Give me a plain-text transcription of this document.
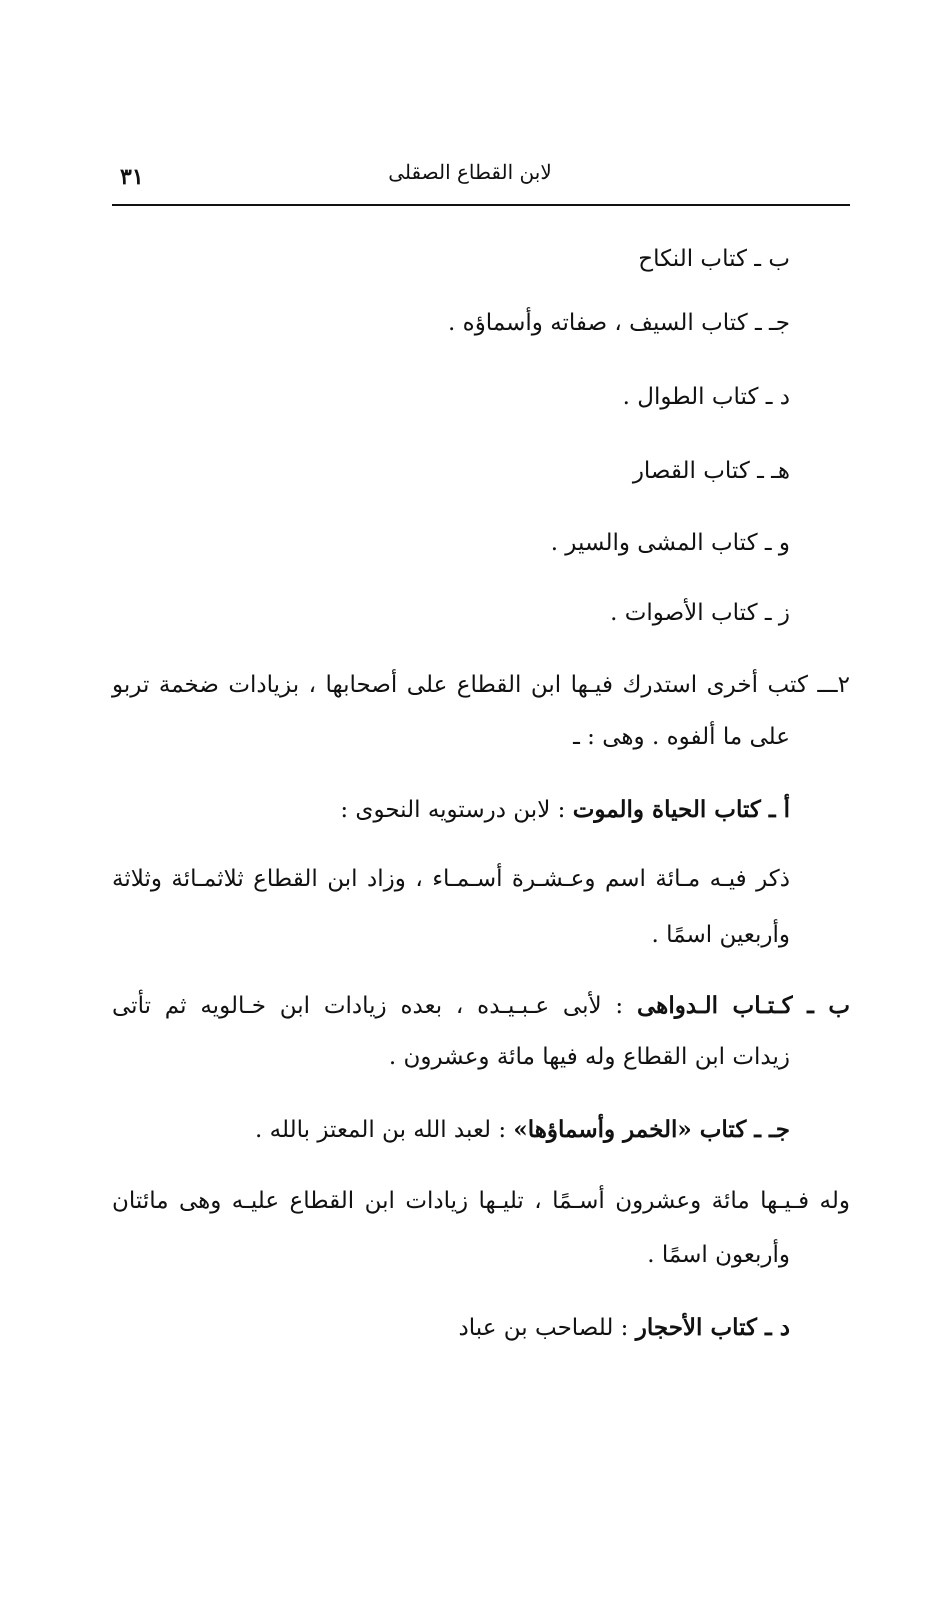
لابن القطاع الصقلى
٣١
ب ـ كتاب النكاح
جـ ـ كتاب السيف ، صفاته وأسماؤه .
د ـ كتاب الطوال .
هـ ـ كتاب القصار
و ـ كتاب المشى والسير .
ز ـ كتاب الأصوات .
٢ـــ كتب أخرى استدرك فيـها ابن القطاع على أصحابها ، بزيادات ضخمة تربو
على ما ألفوه . وهى : ـ
أ ـ كتاب الحياة والموت : لابن درستويه النحوى :
ذكر فيـه مـائة اسم وعـشـرة أسـمـاء ، وزاد ابن القطاع ثلاثمـائة وثلاثة
وأربعين اسمًا .
ب ـ كـتـاب الـدواهى : لأبى عـبـيـده ، بعده زيادات ابن خـالويه ثم تأتى
زيدات ابن القطاع وله فيها مائة وعشرون .
جـ ـ كتاب «الخمر وأسماؤها» : لعبد الله بن المعتز بالله .
وله فـيـها مائة وعشرون أسـمًا ، تليـها زيادات ابن القطاع عليـه وهى مائتان
وأربعون اسمًا .
د ـ كتاب الأحجار : للصاحب بن عباد
